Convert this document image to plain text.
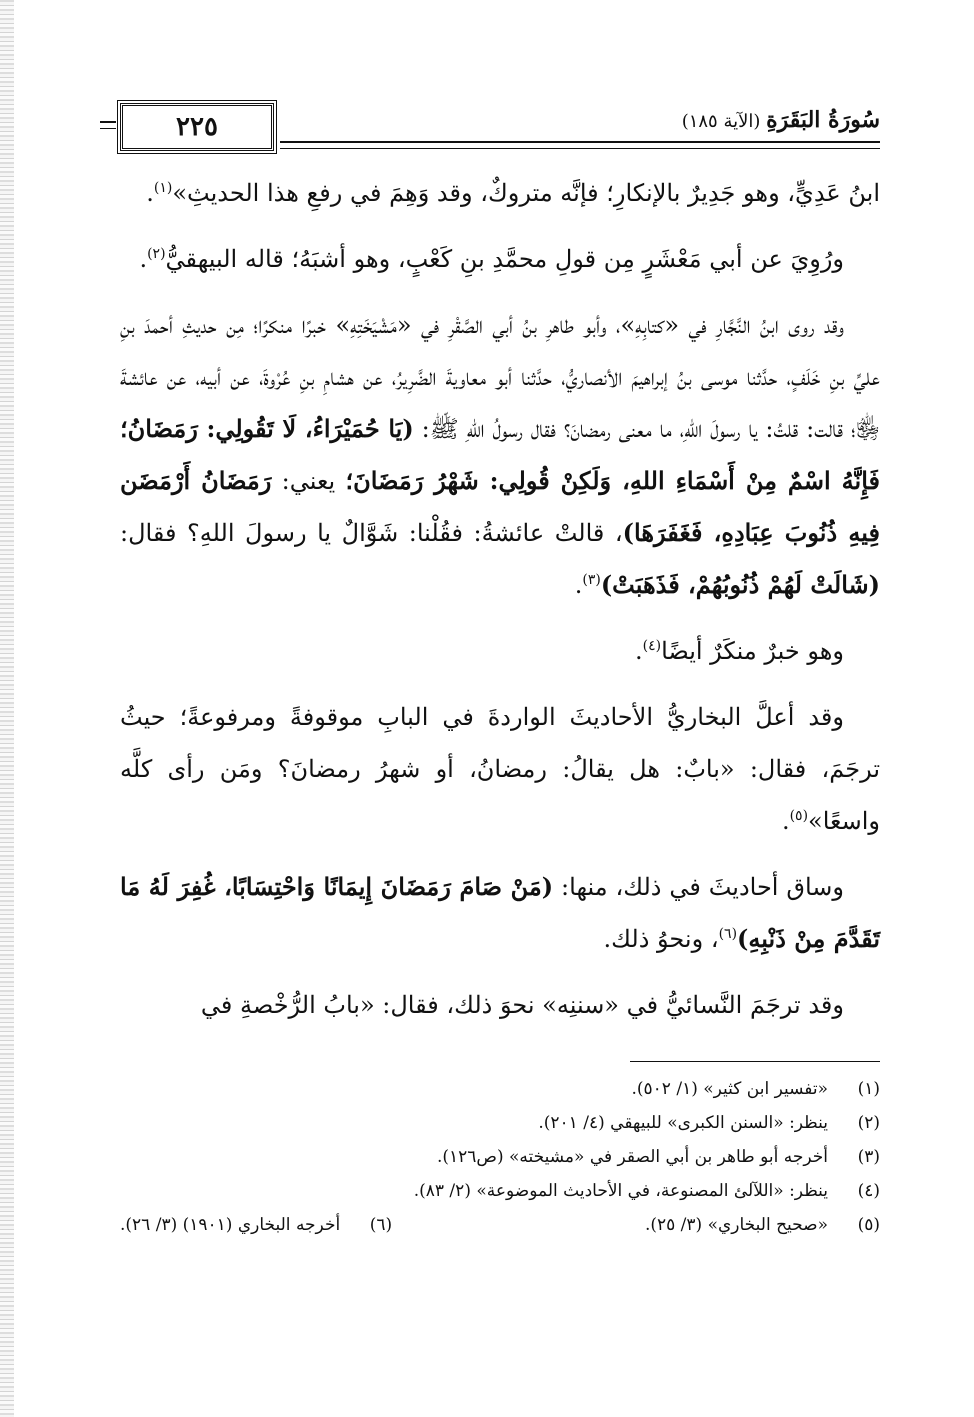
سُورَةُ البَقَرَةِ (الآية ١٨٥)
٢٢٥

ابنُ عَدِيٍّ، وهو جَدِيرٌ بالإنكارِ؛ فإنَّه متروكٌ، وقد وَهِمَ في رفعِ هذا الحديثِ»$^{(١)}$.

ورُوِيَ عن أبي مَعْشَرٍ مِن قولِ محمَّدِ بنِ كَعْبٍ، وهو أشبَهُ؛ قاله البيهقيُّ$^{(٢)}$.

وقد روى ابنُ النَّجَّارِ في «كتابِهِ»، وأبو طاهرِ بنُ أبي الصَّقْرِ في «مَشْيَخَتِهِ» خبرًا منكرًا؛ مِن حديثِ أحمدَ بنِ عليِّ بنِ خَلَفٍ، حدَّثنا موسى بنُ إبراهيمَ الأنصاريُّ، حدَّثنا أبو معاويةَ الضَّرِيرُ، عن هشامِ بنِ عُرْوةَ، عن أبيه، عن عائشةَ ﵂؛ قالت: قلتُ: يا رسولَ اللهِ، ما معنى رمضانَ؟ فقال رسولُ اللهِ ﷺ: (يَا حُمَيْرَاءُ، لَا تَقُولِي: رَمَضَانُ؛ فَإِنَّهُ اسْمٌ مِنْ أَسْمَاءِ اللهِ، وَلَكِنْ قُولِي: شَهْرُ رَمَضَانَ؛ يعني: رَمَضَانُ أَرْمَضَن فِيهِ ذُنُوبَ عِبَادِهِ، فَغَفَرَهَا)، قالتْ عائشةُ: فقُلْنا: شَوَّالٌ يا رسولَ اللهِ؟ فقال: (شَالَتْ لَهُمْ ذُنُوبُهُمْ، فَذَهَبَتْ)$^{(٣)}$.

وهو خبرٌ منكَرٌ أيضًا$^{(٤)}$.

وقد أعلَّ البخاريُّ الأحاديثَ الواردةَ في البابِ موقوفةً ومرفوعةً؛ حيثُ ترجَمَ، فقال: «بابٌ: هل يقالُ: رمضانُ، أو شهرُ رمضانَ؟ ومَن رأى كلَّه واسعًا»$^{(٥)}$.

وساق أحاديثَ في ذلك، منها: (مَنْ صَامَ رَمَضَانَ إِيمَانًا وَاحْتِسَابًا، غُفِرَ لَهُ مَا تَقَدَّمَ مِنْ ذَنْبِهِ)$^{(٦)}$، ونحوُ ذلك.

وقد ترجَمَ النَّسائيُّ في «سننِه» نحوَ ذلك، فقال: «بابُ الرُّخْصةِ في

(١)
«تفسير ابن كثير» (١/ ٥٠٢).
(٢)
ينظر: «السنن الكبرى» للبيهقي (٤/ ٢٠١).
(٣)
أخرجه أبو طاهر بن أبي الصقر في «مشيخته» (ص١٢٦).
(٤)
ينظر: «اللآلئ المصنوعة، في الأحاديث الموضوعة» (٢/ ٨٣).
(٥)
«صحيح البخاري» (٣/ ٢٥).
(٦)
أخرجه البخاري (١٩٠١) (٣/ ٢٦).
